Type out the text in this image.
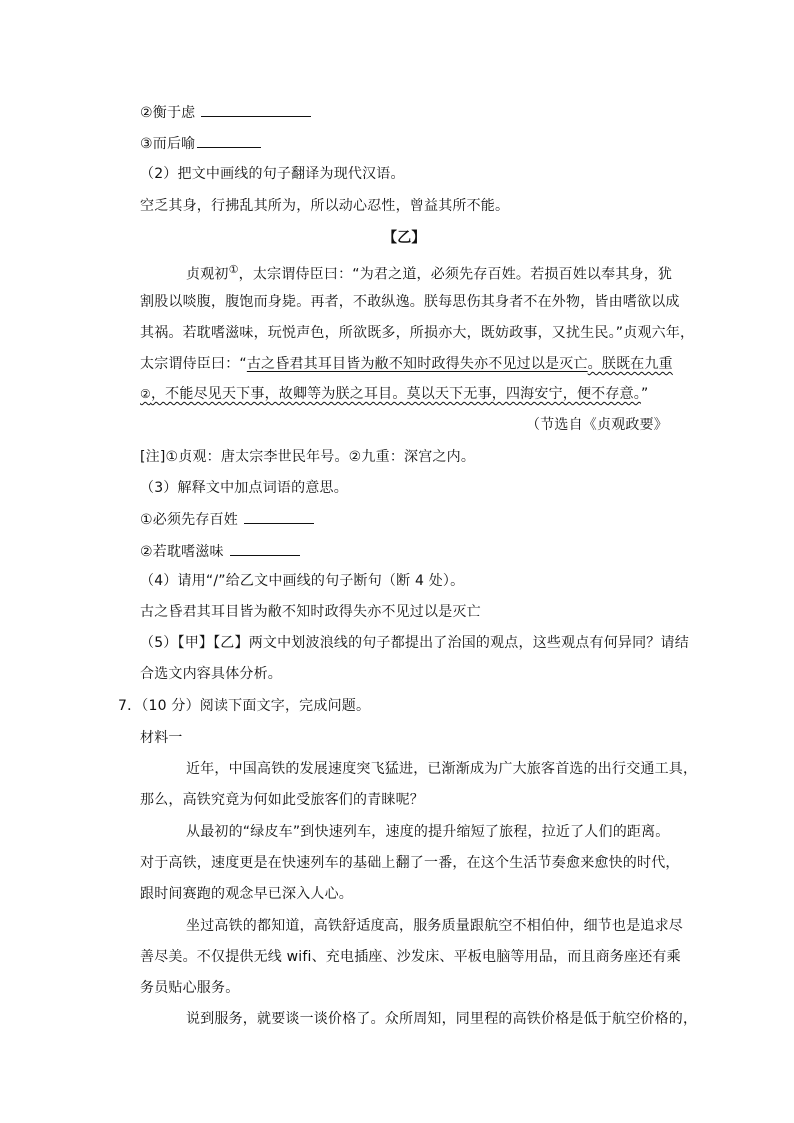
②衡于虑
③而后喻
（2）把文中画线的句子翻译为现代汉语。
空乏其身，行拂乱其所为，所以动心忍性，曾益其所不能。
【乙】
贞观初①，太宗谓侍臣曰：“为君之道，必须先存百姓。若损百姓以奉其身，犹
割股以啖腹，腹饱而身毙。再者，不敢纵逸。朕每思伤其身者不在外物，皆由嗜欲以成
其祸。若耽嗜滋味，玩悦声色，所欲既多，所损亦大，既妨政事，又扰生民。”贞观六年，
太宗谓侍臣曰：“古之昏君其耳目皆为敝不知时政得失亦不见过以是灭亡。朕既在九重
②，不能尽见天下事，故卿等为朕之耳目。莫以天下无事，四海安宁，便不存意。”
（节选自《贞观政要》
[注]①贞观：唐太宗李世民年号。②九重：深宫之内。
（3）解释文中加点词语的意思。
①必须先存百姓
②若耽嗜滋味
（4）请用“/”给乙文中画线的句子断句（断 4 处）。
古之昏君其耳目皆为敝不知时政得失亦不见过以是灭亡
（5）【甲】【乙】两文中划波浪线的句子都提出了治国的观点，这些观点有何异同？请结
合选文内容具体分析。
7．（10 分）阅读下面文字，完成问题。
材料一
近年，中国高铁的发展速度突飞猛进，已渐渐成为广大旅客首选的出行交通工具，
那么，高铁究竟为何如此受旅客们的青睐呢？
从最初的“绿皮车”到快速列车，速度的提升缩短了旅程，拉近了人们的距离。
对于高铁，速度更是在快速列车的基础上翻了一番，在这个生活节奏愈来愈快的时代，
跟时间赛跑的观念早已深入人心。
坐过高铁的都知道，高铁舒适度高，服务质量跟航空不相伯仲，细节也是追求尽
善尽美。不仅提供无线 wifi、充电插座、沙发床、平板电脑等用品，而且商务座还有乘
务员贴心服务。
说到服务，就要谈一谈价格了。众所周知，同里程的高铁价格是低于航空价格的，
